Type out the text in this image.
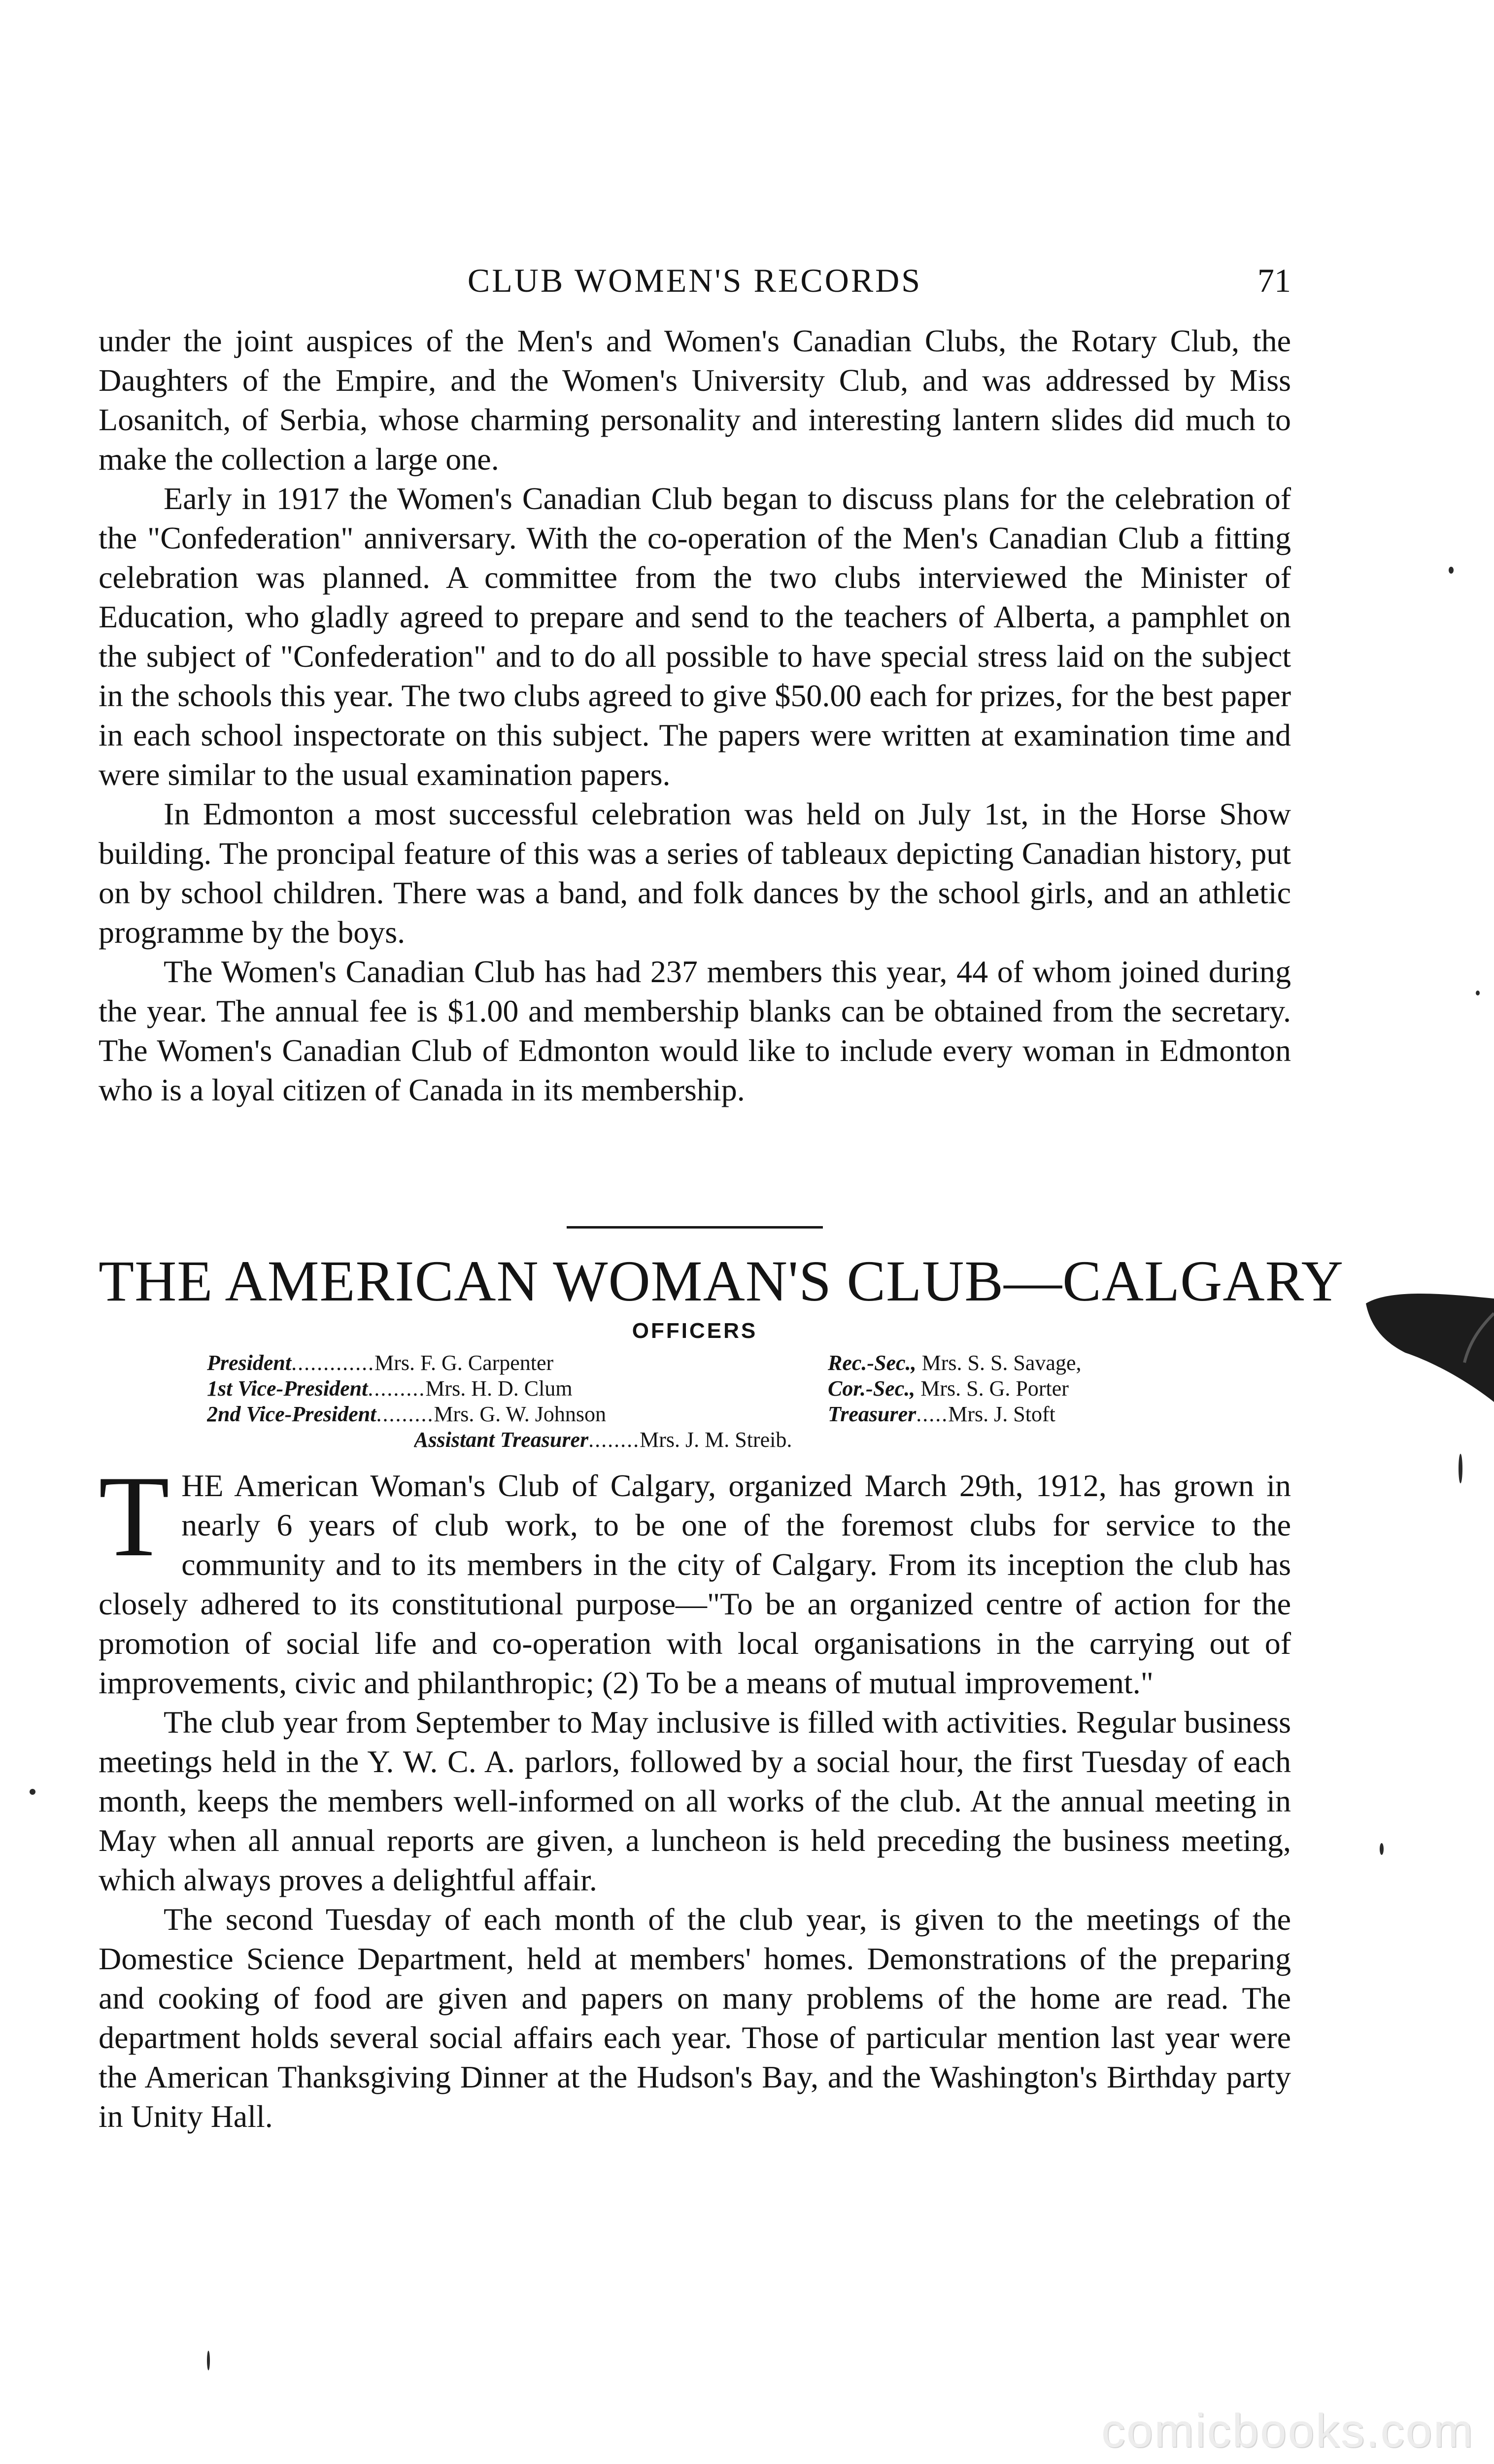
CLUB WOMEN'S RECORDS	71

under the joint auspices of the Men's and Women's Canadian Clubs, the Rotary Club, the Daughters of the Empire, and the Women's University Club, and was addressed by Miss Losanitch, of Serbia, whose charming personality and interesting lantern slides did much to make the collection a large one.

Early in 1917 the Women's Canadian Club began to discuss plans for the celebration of the "Confederation" anniversary. With the co-operation of the Men's Canadian Club a fitting celebration was planned. A committee from the two clubs interviewed the Minister of Education, who gladly agreed to prepare and send to the teachers of Alberta, a pamphlet on the subject of "Confederation" and to do all possible to have special stress laid on the subject in the schools this year. The two clubs agreed to give $50.00 each for prizes, for the best paper in each school inspectorate on this subject. The papers were written at examination time and were similar to the usual examination papers.

In Edmonton a most successful celebration was held on July 1st, in the Horse Show building. The proncipal feature of this was a series of tableaux depicting Canadian history, put on by school children. There was a band, and folk dances by the school girls, and an athletic programme by the boys.

The Women's Canadian Club has had 237 members this year, 44 of whom joined during the year. The annual fee is $1.00 and membership blanks can be obtained from the secretary. The Women's Canadian Club of Edmonton would like to include every woman in Edmonton who is a loyal citizen of Canada in its membership.

THE AMERICAN WOMAN'S CLUB—CALGARY
OFFICERS
President.............Mrs. F. G. Carpenter	Rec.-Sec., Mrs. S. S. Savage,
1st Vice-President.........Mrs. H. D. Clum	Cor.-Sec., Mrs. S. G. Porter
2nd Vice-President.........Mrs. G. W. Johnson	Treasurer.....Mrs. J. Stoft
Assistant Treasurer........Mrs. J. M. Streib.

THE American Woman's Club of Calgary, organized March 29th, 1912, has grown in nearly 6 years of club work, to be one of the foremost clubs for service to the community and to its members in the city of Calgary. From its inception the club has closely adhered to its constitutional purpose—"To be an organized centre of action for the promotion of social life and co-operation with local organisations in the carrying out of improvements, civic and philanthropic; (2) To be a means of mutual improvement."

The club year from September to May inclusive is filled with activities. Regular business meetings held in the Y. W. C. A. parlors, followed by a social hour, the first Tuesday of each month, keeps the members well-informed on all works of the club. At the annual meeting in May when all annual reports are given, a luncheon is held preceding the business meeting, which always proves a delightful affair.

The second Tuesday of each month of the club year, is given to the meetings of the Domestice Science Department, held at members' homes. Demonstrations of the preparing and cooking of food are given and papers on many problems of the home are read. The department holds several social affairs each year. Those of particular mention last year were the American Thanksgiving Dinner at the Hudson's Bay, and the Washington's Birthday party in Unity Hall.

comicbooks.com
